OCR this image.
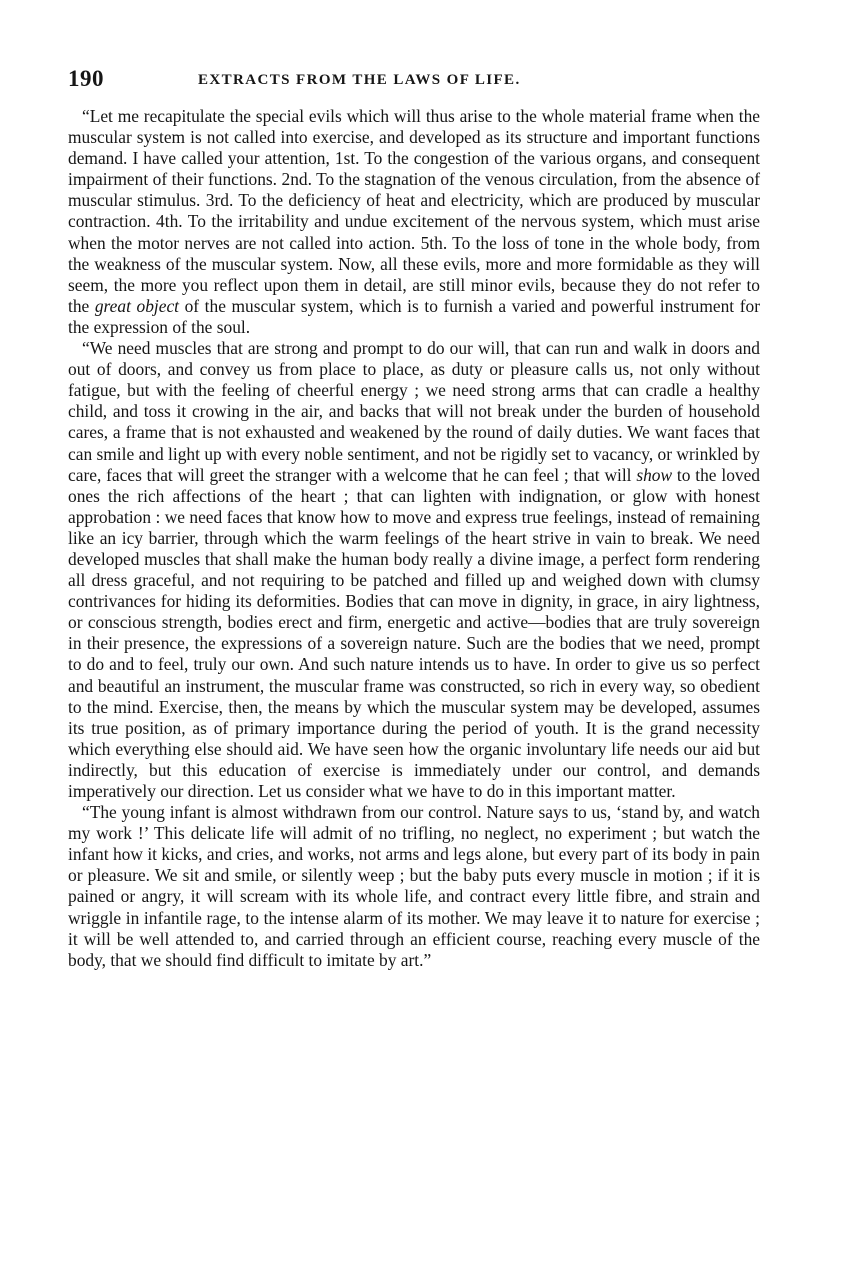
190	EXTRACTS FROM THE LAWS OF LIFE.

“Let me recapitulate the special evils which will thus arise to the whole material frame when the muscular system is not called into exercise, and developed as its structure and important functions demand. I have called your attention, 1st. To the congestion of the various organs, and consequent impairment of their functions. 2nd. To the stagnation of the venous circulation, from the absence of muscular stimulus. 3rd. To the deficiency of heat and electricity, which are produced by muscular contraction. 4th. To the irritability and undue excitement of the nervous system, which must arise when the motor nerves are not called into action. 5th. To the loss of tone in the whole body, from the weakness of the muscular system. Now, all these evils, more and more formidable as they will seem, the more you reflect upon them in detail, are still minor evils, because they do not refer to the great object of the muscular system, which is to furnish a varied and powerful instrument for the expression of the soul.

“We need muscles that are strong and prompt to do our will, that can run and walk in doors and out of doors, and convey us from place to place, as duty or pleasure calls us, not only without fatigue, but with the feeling of cheerful energy ; we need strong arms that can cradle a healthy child, and toss it crowing in the air, and backs that will not break under the burden of household cares, a frame that is not exhausted and weakened by the round of daily duties. We want faces that can smile and light up with every noble sentiment, and not be rigidly set to vacancy, or wrinkled by care, faces that will greet the stranger with a welcome that he can feel ; that will show to the loved ones the rich affections of the heart ; that can lighten with indignation, or glow with honest approbation : we need faces that know how to move and express true feelings, instead of remaining like an icy barrier, through which the warm feelings of the heart strive in vain to break. We need developed muscles that shall make the human body really a divine image, a perfect form rendering all dress graceful, and not requiring to be patched and filled up and weighed down with clumsy contrivances for hiding its deformities. Bodies that can move in dignity, in grace, in airy lightness, or conscious strength, bodies erect and firm, energetic and active—bodies that are truly sovereign in their presence, the expressions of a sovereign nature. Such are the bodies that we need, prompt to do and to feel, truly our own. And such nature intends us to have. In order to give us so perfect and beautiful an instrument, the muscular frame was constructed, so rich in every way, so obedient to the mind. Exercise, then, the means by which the muscular system may be developed, assumes its true position, as of primary importance during the period of youth. It is the grand necessity which everything else should aid. We have seen how the organic involuntary life needs our aid but indirectly, but this education of exercise is immediately under our control, and demands imperatively our direction. Let us consider what we have to do in this important matter.

“The young infant is almost withdrawn from our control. Nature says to us, ‘stand by, and watch my work !’ This delicate life will admit of no trifling, no neglect, no experiment ; but watch the infant how it kicks, and cries, and works, not arms and legs alone, but every part of its body in pain or pleasure. We sit and smile, or silently weep ; but the baby puts every muscle in motion ; if it is pained or angry, it will scream with its whole life, and contract every little fibre, and strain and wriggle in infantile rage, to the intense alarm of its mother. We may leave it to nature for exercise ; it will be well attended to, and carried through an efficient course, reaching every muscle of the body, that we should find difficult to imitate by art.”
